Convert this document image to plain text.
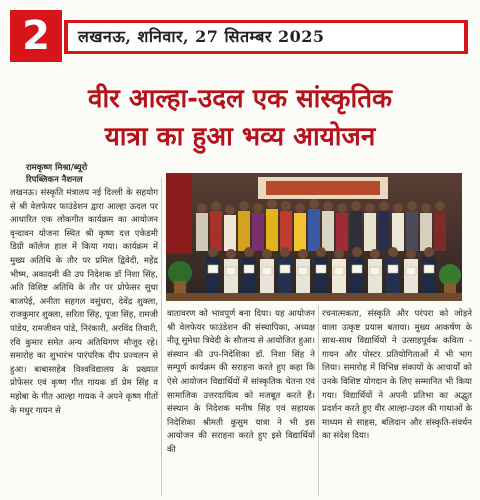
2	लखनऊ, शनिवार, 27 सितम्बर 2025
वीर आल्हा-उदल एक सांस्कृतिक
यात्रा का हुआ भव्य आयोजन
रामकृष्ण मिश्रा/ब्यूरो
रिपब्लिकन नैशनल
लखनऊ। संस्कृति मंत्रालय नई दिल्ली के सहयोग से श्री वेलफेयर फाउंडेशन द्वारा आल्हा ऊदल पर आधारित एक लोकगीत कार्यक्रम का आयोजन वृन्दावन योजना स्थित श्री कृष्ण दत्त एकेडमी डिग्री कॉलेज हाल में किया गया। कार्यक्रम में मुख्य अतिथि के तौर पर प्रमिल द्विवेदी, महेंद्र भीष्म, अकादमी की उप निदेशक डॉ निशा सिंह, अति विशिष्ट अतिथि के तौर पर प्रोफेसर सुधा बाजपेई, अनीता सहगल वसुंधरा, देवेंद्र शुक्ला, राजकुमार शुक्ला, सरिता सिंह, पूजा सिंह, रामजी पांडेय, रामजीवन पांडे, निरंकारी, अरविंद तिवारी, रवि कुमार समेत अन्य अतिथिगण मौजूद रहे। समारोह का शुभारंभ पारंपरिक दीप प्रज्वलन से हुआ। बाबासाहेब विश्वविद्यालय के प्रख्यात प्रोफेसर एवं कृष्ण गीत गायक डॉ प्रेम सिंह व महोबा के गीत आल्हा गायक ने अपने कृष्ण गीतों के मधुर गायन से
वातावरण को भावपूर्ण बना दिया। यह आयोजन श्री वेलफेयर फाउंडेशन की संस्थापिका, अध्यक्ष नीतू सुमेधा त्रिवेदी के सौजन्य से आयोजित हुआ। संस्थान की उप-निदेशिका डॉ. निशा सिंह ने सम्पूर्ण कार्यक्रम की सराहना करते हुए कहा कि ऐसे आयोजन विद्यार्थियों में सांस्कृतिक चेतना एवं सामाजिक उत्तरदायित्व को मजबूत करते हैं। संस्थान के निदेशक मनीष सिंह एवं सहायक निदेशिका श्रीमती कुसुम यात्रा ने भी इस आयोजन की सराहना करते हुए इसे विद्यार्थियों की
रचनात्मकता, संस्कृति और परंपरा को जोड़ने वाला उत्कृष्ट प्रयास बताया। मुख्य आकर्षण के साथ-साथ विद्यार्थियों ने उत्साहपूर्वक कविता - गायन और पोस्टर प्रतियोगिताओं में भी भाग लिया। समारोह में विभिन्न संकायों के आचार्यों को उनके विशिष्ट योगदान के लिए सम्मानित भी किया गया। विद्यार्थियों ने अपनी प्रतिभा का अद्भुत प्रदर्शन करते हुए वीर आल्हा-उदल की गाथाओं के माध्यम से साहस, बलिदान और संस्कृति-संवर्धन का संदेश दिया।
